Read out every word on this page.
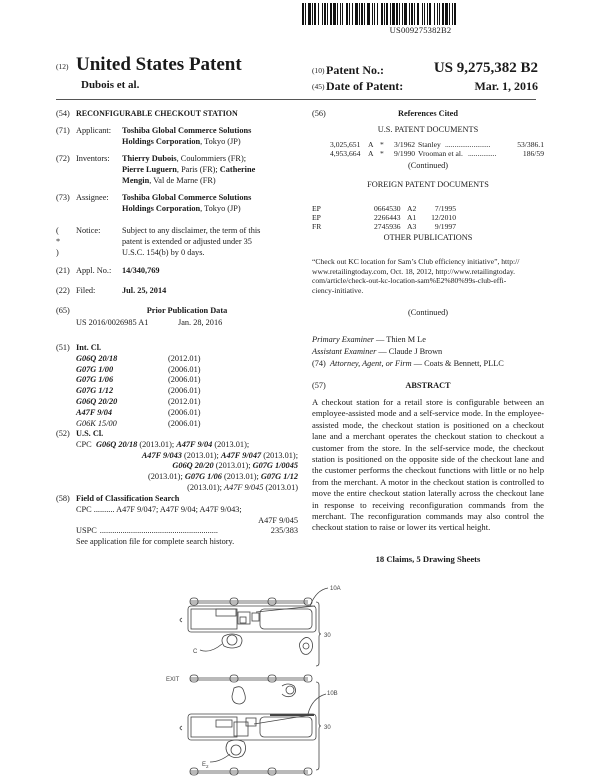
US009275382B2
(12) United States Patent
Dubois et al.
(10) Patent No.:	US 9,275,382 B2
(45) Date of Patent:	Mar. 1, 2016
(54) RECONFIGURABLE CHECKOUT STATION
(71) Applicant: Toshiba Global Commerce Solutions
Holdings Corporation, Tokyo (JP)
(72) Inventors: Thierry Dubois, Coulommiers (FR);
Pierre Luguern, Paris (FR); Catherine
Mengin, Val de Marne (FR)
(73) Assignee: Toshiba Global Commerce Solutions
Holdings Corporation, Tokyo (JP)
( * )
Notice:	Subject to any disclaimer, the term of this
patent is extended or adjusted under 35
U.S.C. 154(b) by 0 days.
(21) Appl. No.: 14/340,769
(22) Filed:	Jul. 25, 2014
(65)	Prior Publication Data
US 2016/0026985 A1	Jan. 28, 2016
(51) Int. Cl.
G06Q 20/18	(2012.01)
G07G 1/00	(2006.01)
G07G 1/06	(2006.01)
G07G 1/12	(2006.01)
G06Q 20/20	(2012.01)
A47F 9/04	(2006.01)
G06K 15/00	(2006.01)
(52) U.S. Cl.
CPC G06Q 20/18 (2013.01); A47F 9/04 (2013.01);
A47F 9/043 (2013.01); A47F 9/047 (2013.01);
G06Q 20/20 (2013.01); G07G 1/0045
(2013.01); G07G 1/06 (2013.01); G07G 1/12
(2013.01); A47F 9/045 (2013.01)
(58) Field of Classification Search
CPC .......... A47F 9/047; A47F 9/04; A47F 9/043;
A47F 9/045
USPC .........................................................	235/383
See application file for complete search history.
(56)	References Cited
U.S. PATENT DOCUMENTS
3,025,651 A * 3/1962 Stanley ........................	53/386.1
4,953,664 A * 9/1990 Vrooman et al. ...............	186/59
(Continued)
FOREIGN PATENT DOCUMENTS
EP	0664530 A2	7/1995
EP	2266443 A1	12/2010
FR	2745936 A3	9/1997
OTHER PUBLICATIONS
“Check out KC location for Sam’s Club efficiency initiative”, http://
www.retailingtoday.com, Oct. 18, 2012, http://www.retailingtoday.
com/article/check-out-kc-location-sam%E2%80%99s-club-effi-
ciency-initiative.
(Continued)
Primary Examiner — Thien M Le
Assistant Examiner — Claude J Brown
(74) Attorney, Agent, or Firm — Coats & Bennett, PLLC
(57)	ABSTRACT
A checkout station for a retail store is configurable between an employee-assisted mode and a self-service mode. In the employee-assisted mode, the checkout station is positioned on a checkout lane and a merchant operates the checkout station to checkout a customer from the store. In the self-service mode, the checkout station is positioned on the opposite side of the checkout lane and the customer performs the checkout functions with little or no help from the merchant. A motor in the checkout station is controlled to move the entire checkout station laterally across the checkout lane in response to receiving reconfiguration commands from the merchant. The reconfiguration commands may also control the checkout station to raise or lower its vertical height.
18 Claims, 5 Drawing Sheets
C
10A
30
EXIT
10B
$E_2$
30
